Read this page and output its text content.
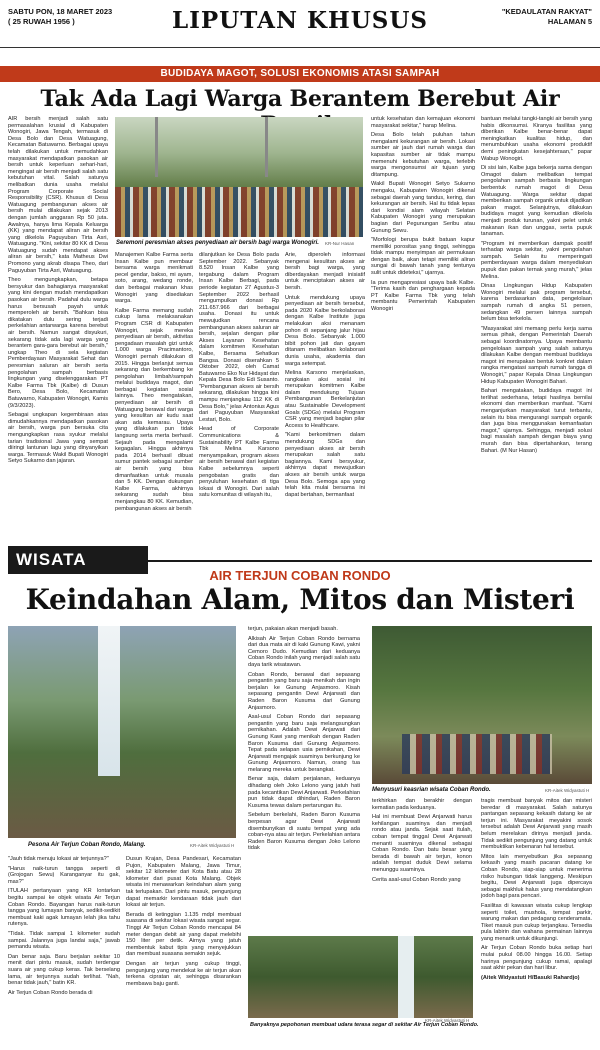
SABTU PON, 18 MARET 2023
( 25 RUWAH 1956 )	LIPUTAN KHUSUS	"KEDAULATAN RAKYAT"
HALAMAN 5
BUDIDAYA MAGOT, SOLUSI EKONOMIS ATASI SAMPAH
Tak Ada Lagi Warga Berantem Berebut Air

AIR bersih menjadi salah satu permasalahan krusial di Kabupaten Wonogiri, Jawa Tengah, termasuk di Desa Bolo dan Desa Watuagung, Kecamatan Batuwarno. Berbagai upaya telah dilakukan untuk memudahkan masyarakat mendapatkan pasokan air bersih untuk keperluan sehari-hari, mengingat air bersih menjadi salah satu kebutuhan vital. Salah satunya melibatkan dunia usaha melalui Program Corporate Social Responsibility (CSR). Khusus di Desa Watuagung pembangunan akses air bersih mulai dilakukan sejak 2013 dengan jumlah anggaran Rp 50 juta. Awalnya, hanya lima Kepala Keluarga (KK) yang mendapat aliran air bersih yang dikelola Paguyuban Tirta Asri, Watuagung. "Kini, sekitar 80 KK di Desa Watuagung sudah mendapat akses aliran air bersih," kata Matheus Dwi Promono yang akrab disapa Theo, dari Paguyuban Tirta Asri, Watuagung.

Theo mengungkapkan, betapa bersyukur dan bahagianya masyarakat yang kini dengan mudah mendapatkan pasokan air bersih. Padahal dulu warga harus bersusah payah untuk memperoleh air bersih. "Bahkan bisa dikatakan dulu sering terjadi perkelahian antarwarga karena berebut air bersih. Namun sangat disyukuri, sekarang tidak ada lagi warga yang berantem gara-gara berebut air bersih," ungkap Theo di sela kegiatan Pemberdayaan Masyarakat Sehat dan peresmian saluran air bersih serta pengolahan sampah berbasis lingkungan yang diselenggarakan PT Kalbe Farma Tbk (Kalbe) di Dusun Bero, Desa Bolo, Kecamatan Batuwarno, Kabupaten Wonogiri, Kamis (9/3/2023).

Sebagai ungkapan kegembiraan atas dimudahkannya mendapatkan pasokan air bersih, warga pun bersuka cita mengungkapkan rasa syukur melalui tarian tradisional Jawa yang sempat diiringi lantunan lagu yang dinyanyikan warga. Termasuk Wakil Bupati Wonogiri Setyo Sukarno dan jajaran.

Seremoni peresmian akses penyediaan air bersih bagi warga Wonogiri.	KR-Nur Hasan

Manajemen Kalbe Farma serta Insan Kalbe pun membaur bersama warga menikmati pecel gendar, bakso, mi ayam, soto, arang, wedang ronde, dan berbagai makanan khas Wonogiri yang disediakan warga.

Kalbe Farma memang sudah cukup lama melaksanakan Program CSR di Kabupaten Wonogiri, sejak mereka penyediaan air bersih, aktivitas pengadaan masalah gizi untuk 1.000 warga Pracimantoro, Wonogiri pernah dilakukan di 2015. Hingga berlanjut semua sekarang dan berkembang ke pengolahan limbah/sampah melalui budidaya magot, dan berbagai kegiatan sosial lainnya. Theo mengatakan, penyediaan air bersih di Watuagung berawal dari warga yang kesulitan air kudu saat akan ada kemarau. Upaya yang dilakukan pun tidak langsung serta merta berhasil. Sejauh pada mengalami kegagalan. Hingga akhirnya pada 2014 berhasil dibuat sumur pantek sebagai sumber air bersih yang bisa dimanfaatkan untuk musala dan 5 KK. Dengan dukungan Kalbe Farma, akhirnya sekarang sudah bisa menjangkau 80 KK. Kemudian, pembangunan akses air bersih

dilanjutkan ke Desa Bolo pada September 2022. Sebanyak 8.520 Insan Kalbe yang tergabung dalam Program Insan Kalbe Berbagi, pada periode kegiatan 27 Agustus-3 September 2022 berhasil mengumpulkan donasi Rp 211.657.966 dari berbagai usaha. Donasi itu untuk mewujudkan rencana pembangunan akses saluran air bersih, sejalan dengan pilar Akses Layanan Kesehatan dalam komitmen Kesehatan Kalbe, Bersama Sehatkan Bangsa. Donasi diserahkan 5 Oktober 2022, oleh Camat Batuwarno Eko Nur Hidayat dan Kepala Desa Bolo Edi Susanto. "Pembangunan akses air bersih sekarang, dilakukan hingga kini mampu menjangkau 112 KK di Desa Bolo," jelas Antonius Agus dari Paguyuban Masyarakat Lestari, Bolo.

Head of Corporate Communications & Sustainability PT Kalbe Farma Tbk Melina Karsono menyampaikan, program akses air bersih berawal dari kegiatan Kalbe sebelumnya seperti pengobatan gratis dan penyuluhan kesehatan di tiga lokasi di Wonogiri. Dari salah satu komunitas di wilayah itu,

Arie, diperoleh informasi mengenai kesulitan akses air bersih bagi warga, yang diberdayakan menjadi inisiatif untuk menciptakan akses air bersih.

Untuk mendukung upaya penyediaan air bersih tersebut, pada 2020 Kalbe berkolaborasi dengan Kalbe Institute juga melakukan aksi menanam pohon di sepanjang jalur hijau Desa Bolo. Sebanyak 1.000 bibit pohon jati dan gayam ditanam melibatkan kolaborasi dunia usaha, akademia dan warga setempat.

Melina Karsono menjelaskan, rangkaian aksi sosial ini merupakan komitmen Kalbe dalam mendukung Tujuan Pembangunan Berkelanjutan atau Sustainable Development Goals (SDGs) melalui Program CSR yang menjadi bagian pilar Access to Healthcare.

"Kami berkomitmen dalam mendukung SDGs dan penyediaan akses air bersih merupakan salah satu bagiannya. Kami bersyukur, akhirnya dapat mewujudkan akses air bersih untuk warga Desa Bolo. Semoga apa yang telah kita mulai bersama ini dapat bertahan, bermanfaat

untuk kesehatan dan kemajuan ekonomi masyarakat sekitar," harap Melina.

Desa Bolo telah puluhan tahun mengalami kekurangan air bersih. Lokasi sumber air jauh dari rumah warga dan kapasitas sumber air tidak mampu memenuhi kebutuhan warga, terlebih warga mengonsumsi air tujuan yang ditampung.

Wakil Bupati Wonogiri Setyo Sukarno mengaku, Kabupaten Wonogiri dikenal sebagai daerah yang tandus, kering, dan kekurangan air bersih. Hal itu tidak lepas dari kondisi alam wilayah Selatan Kabupaten Wonogiri yang merupakan bagian dari Pegunungan Seribu atau Gunung Sewu.

"Morfologi berupa bukit batuan kapur memiliki porositas yang tinggi, sehingga tidak mampu menyimpan air permukaan dengan baik, akan tetapi memiliki aliran sungai di bawah tanah yang tentunya sulit untuk dideteksi," ujarnya.

Ia pun mengapresiasi upaya baik Kalbe. "Terima kasih dan penghargaan kepada PT Kalbe Farma Tbk yang telah membantu Pemerintah Kabupaten Wonogiri

bantuan melalui tangki-tangki air bersih yang habis dikonsumsi. Kiranya fasilitas yang diberikan Kalbe benar-benar dapat meningkatkan kualitas hidup, dan menumbuhkan usaha ekonomi produktif demi peningkatan kesejahteraan," papar Wabup Wonogiri.

Di sisi lain, Kalbe juga bekerja sama dengan Omagot dalam melibatkan tempat pengolahan sampah berbasis lingkungan berbentuk rumah magot di Desa Watuagung. Warga sekitar dapat memberikan sampah organik untuk dijadikan pakan magot. Selanjutnya, dilakukan budidaya magot yang kemudian dikelola menjadi produk turunan, yakni pelet untuk makanan ikan dan unggas, serta pupuk tanaman.

"Program ini memberikan dampak positif terhadap warga sekitar, yakni pengolahan sampah. Selain itu memperingati pemberdayaan warga dalam menyediakan pupuk dan pakan ternak yang murah," jelas Melina.

Dinas Lingkungan Hidup Kabupaten Wonogiri melalui pak program tersebut, karena berdasarkan data, pengelolaan sampah rumah di angka 51 persen, sedangkan 49 persen lainnya sampah belum bisa terkelola.

"Masyarakat sini memang perlu kerja sama semua pihak, dengan Pemerintah Daerah sebagai koordinatornya. Upaya membantu pengelolaan sampah yang salah satunya dilakukan Kalbe dengan membuat budidaya magot ini merupakan bentuk konkret dalam rangka mengatasi sampah rumah tangga di Wonogiri," papar Kepala Dinas Lingkungan Hidup Kabupaten Wonogiri Bahari.

Bahari mengatakan, budidaya magot ini terlihat sederhana, tetapi hasilnya bernilai ekonomi dan memberikan manfaat. "Kami menganjurkan masyarakat turut terbantu, selain itu bisa mengurangi sampah organik dan juga bisa menggunakan kemanfaatan magot," ujarnya. Sehingga, menjadi solusi bagi masalah sampah dengan biaya yang murah dan bisa dipertahankan, terang Bahari. (M Nur Hasan)

WISATA
AIR TERJUN COBAN RONDO
Keindahan Alam, Mitos dan Misteri
Pesona Air Terjun Coban Rondo, Malang.	KR-Aitek Widyastuti H

terjun, pakaian akan menjadi basah.

Alkisah Air Terjun Coban Rondo bernama dari dua mata air di kaki Gunung Kawi, yakni Cemoro Dudo. Kemudian dari keduanya Coban Rondo inilah yang menjadi salah satu daya tarik wisatawan.

Coban Rondo, berawal dari sepasang pengantin yang baru saja menikah dan ingin berjalan ke Gunung Anjasmoro. Kisah sepasang pengantin Dewi Anjarwati dan Raden Baron Kusuma dari Gunung Anjasmoro.

Asal-usul Coban Rondo dari sepasang pengantin yang baru saja melangsungkan pernikahan. Adalah Dewi Anjarwati dari Gunung Kawi yang menikah dengan Raden Baron Kusuma dari Gunung Anjasmoro. Tepat pada selapan usia pernikahan, Dewi Anjarwati mengajak suaminya berkunjung ke Gunung Anjasmoro. Namun, orang tua melarang mereka untuk berangkat.

Benar saja, dalam perjalanan, keduanya dihadang oleh Joko Lelono yang jatuh hati pada kecantikan Dewi Anjarwati. Perkelahian pun tidak dapat dihindari, Raden Baron Kusuma tewas dalam pertarungan itu.

Sebelum berkelahi, Raden Baron Kusuma berpesan agar Dewi Anjarwati disembunyikan di suatu tempat yang ada coban-nya atau air terjun. Perkelahian antara Raden Baron Kusuma dengan Joko Lelono tidak

Menyusuri keasrian wisata Coban Rondo.	KR-Aitek Widyastuti H

terkhirkan dan berakhir dengan kematian pada keduanya.

Hal ini membuat Dewi Anjarwati harus kehilangan suaminya dan menjadi rondo atau janda. Sejak saat itulah, coban tempat tinggal Dewi Anjarwati menanti suaminya dikenal sebagai Coban Rondo. Dan batu besar yang berada di bawah air terjun, konon adalah tempat duduk Dewi selama menunggu suaminya.

Cerita asal-usul Coban Rondo yang

"Jauh tidak menuju lokasi air terjunnya?"

"Harus naik-turun tangga seperti di (Grojogan Sewu) Karanganyar itu gak, mas?"

ITULAH pertanyaan yang KR lontarkan begitu sampai ke objek wisata Air Terjun Coban Rondo. Bayangan harus naik-turun tangga yang lumayan banyak, sedikit-sedikit membuat kaki agak lumayan lelah jika tahu rutenya.

"Tidak. Tidak sampai 1 kilometer sudah sampai. Jalannya juga landai saja," jawab pemandu wisata.

Dan benar saja. Baru berjalan sekitar 10 menit dari pintu masuk, sudah terdengar suara air yang cukup keras. Tak berselang lama, air terjunnya sudah terlihat. "Nah, benar tidak jauh," batin KR.

Air Terjun Coban Rondo berada di

Dusun Krajan, Desa Pandesari, Kecamatan Pujon, Kabupaten Malang, Jawa Timur, sekitar 12 kilometer dari Kota Batu atau 28 kilometer dari pusat Kota Malang. Objek wisata ini menawarkan keindahan alam yang tak terlupakan. Dari pintu masuk, pengunjung dapat memarkir kendaraan tidak jauh dari lokasi air terjun.

Berada di ketinggian 1.135 mdpl membuat suasana di sekitar lokasi wisata sangat segar. Tinggi Air Terjun Coban Rondo mencapai 84 meter dengan debit air yang dapat melebihi 150 liter per detik. Airnya yang jatuh membentuk kabut tipis yang menyejukkan dan membuat suasana semakin sejuk.

Dengan air terjun yang cukup tinggi, pengunjung yang mendekat ke air terjun akan terkena cipratan air, sehingga disarankan membawa baju ganti.

Banyaknya pepohonan membuat udara terasa segar di sekitar Air Terjun Coban Rondo.
KR-Aitek Widyastuti H

tragis membuat banyak mitos dan misteri beredar di masyarakat. Salah satunya pantangan sepasang kekasih datang ke air terjun ini. Masyarakat meyakini sosok tersebut adalah Dewi Anjarwati yang masih belum merelakan dirinya menjadi janda. Tidak sedikit pengunjung yang datang untuk membuktikan kebenaran hal tersebut.

Mitos lain menyebutkan jika sepasang kekasih yang masih pacaran datang ke Coban Rondo, siap-siap untuk menerima risiko hubungan tidak langgeng. Meskipun begitu, Dewi Anjarwati juga dipercaya sebagai makhluk halus yang mendatangkan jodoh bagi para pencari.

Fasilitas di kawasan wisata cukup lengkap seperti toilet, mushola, tempat parkir, warung makan dan pedagang cenderamata. Tiket masuk pun cukup terjangkau. Tersedia pula labirin dan wahana permainan lainnya yang menarik untuk dikunjungi.

Air Terjun Coban Rondo buka setiap hari mulai pukul 08.00 hingga 16.00. Setiap harinya pengunjung cukup ramai, apalagi saat akhir pekan dan hari libur.

(Aitek Widyastuti H/Basuki Rahardjo)
